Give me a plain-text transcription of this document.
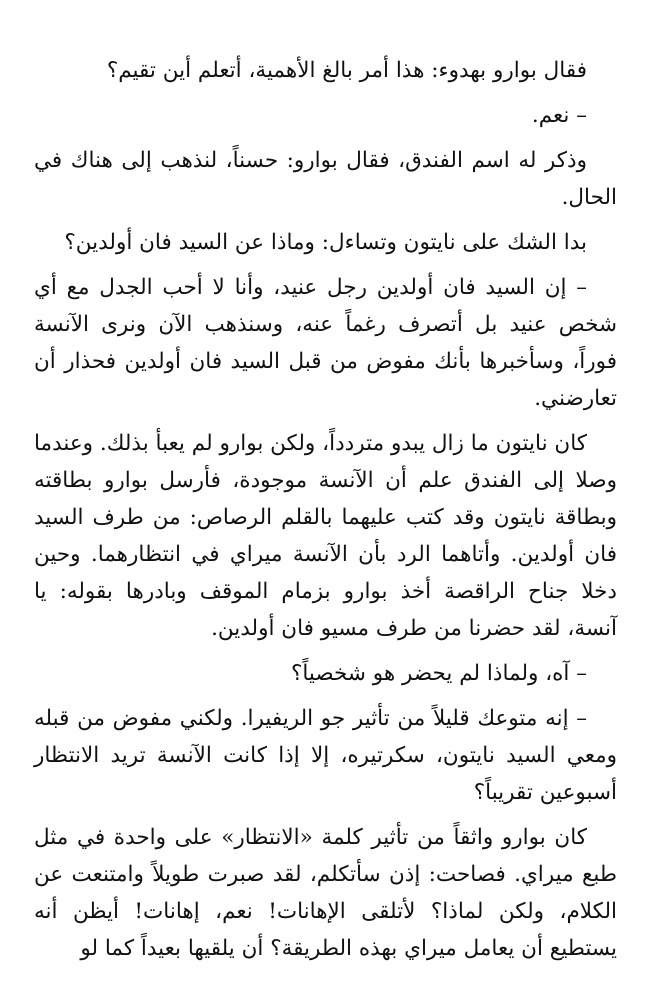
فقال بوارو بهدوء: هذا أمر بالغ الأهمية، أتعلم أين تقيم؟

– نعم.

وذكر له اسم الفندق، فقال بوارو: حسناً، لنذهب إلى هناك في الحال.

بدا الشك على نايتون وتساءل: وماذا عن السيد فان أولدين؟

– إن السيد فان أولدين رجل عنيد، وأنا لا أحب الجدل مع أي شخص عنيد بل أتصرف رغماً عنه، وسنذهب الآن ونرى الآنسة فوراً، وسأخبرها بأنك مفوض من قبل السيد فان أولدين فحذار أن تعارضني.

كان نايتون ما زال يبدو متردداً، ولكن بوارو لم يعبأ بذلك. وعندما وصلا إلى الفندق علم أن الآنسة موجودة، فأرسل بوارو بطاقته وبطاقة نايتون وقد كتب عليهما بالقلم الرصاص: من طرف السيد فان أولدين. وأتاهما الرد بأن الآنسة ميراي في انتظارهما. وحين دخلا جناح الراقصة أخذ بوارو بزمام الموقف وبادرها بقوله: يا آنسة، لقد حضرنا من طرف مسيو فان أولدين.

– آه، ولماذا لم يحضر هو شخصياً؟

– إنه متوعك قليلاً من تأثير جو الريفيرا. ولكني مفوض من قبله ومعي السيد نايتون، سكرتيره، إلا إذا كانت الآنسة تريد الانتظار أسبوعين تقريباً؟

كان بوارو واثقاً من تأثير كلمة «الانتظار» على واحدة في مثل طبع ميراي. فصاحت: إذن سأتكلم، لقد صبرت طويلاً وامتنعت عن الكلام، ولكن لماذا؟ لأتلقى الإهانات! نعم، إهانات! أيظن أنه يستطيع أن يعامل ميراي بهذه الطريقة؟ أن يلقيها بعيداً كما لو
